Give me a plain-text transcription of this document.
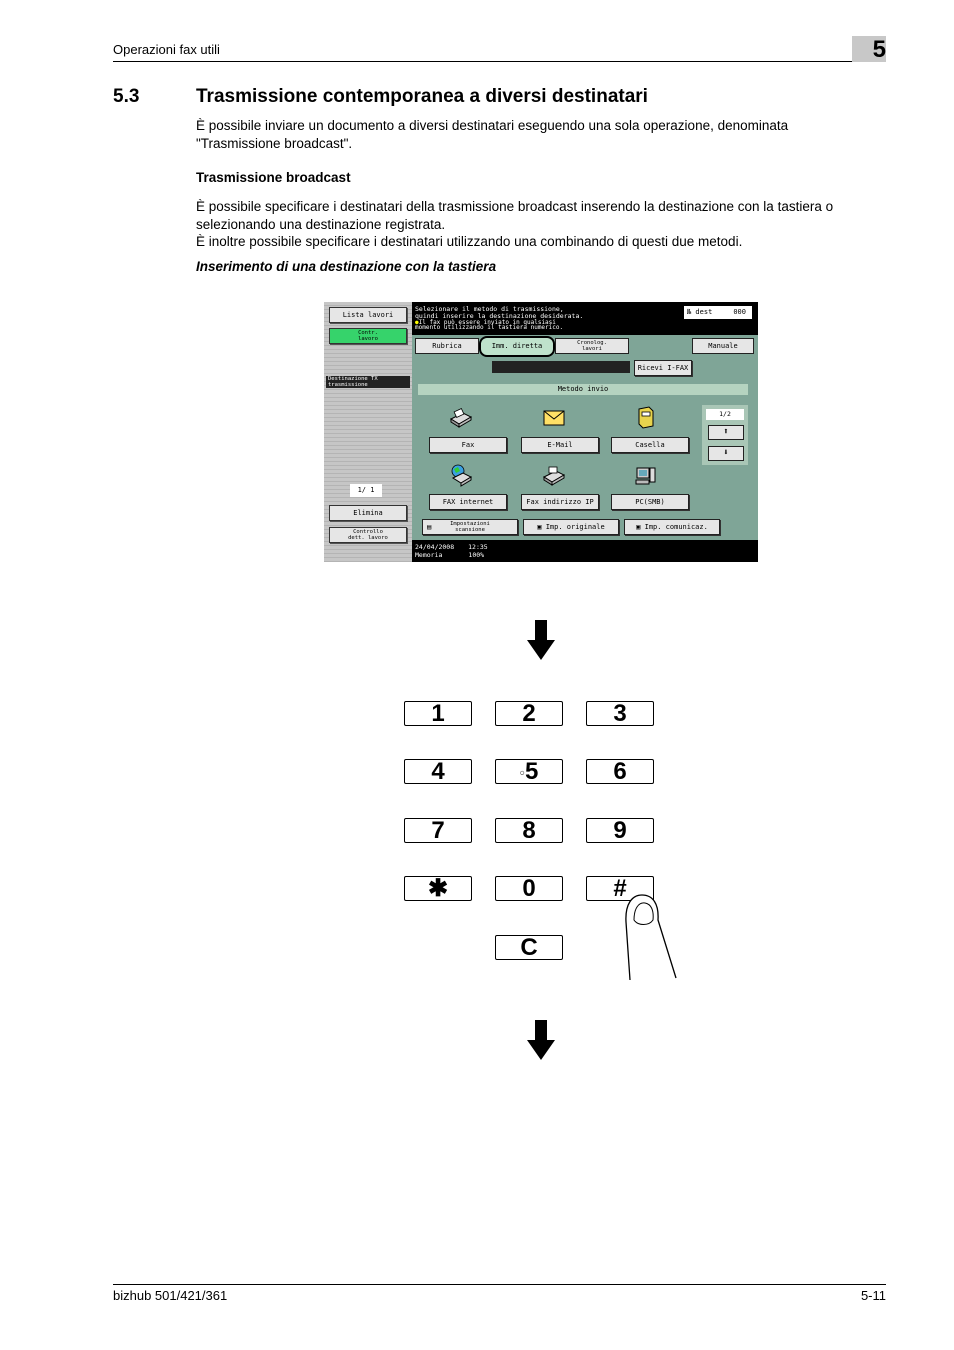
Operazioni fax utili	5
5.3	Trasmissione contemporanea a diversi destinatari
È possibile inviare un documento a diversi destinatari eseguendo una sola operazione, denominata
"Trasmissione broadcast".
Trasmissione broadcast
È possibile specificare i destinatari della trasmissione broadcast inserendo la destinazione con la tastiera o
selezionando una destinazione registrata.
È inoltre possibile specificare i destinatari utilizzando una combinando di questi due metodi.
Inserimento di una destinazione con la tastiera
Lista lavori
Contr.
lavoro
Destinazione TX
trasmissione
1/ 1
Elimina
Controllo
dett. lavoro
Selezionare il metodo di trasmissione,
quindi inserire la destinazione desiderata.
●Il fax può essere inviato in qualsiasi
momento utilizzando il tastiera numerico.
№ dest	000
Rubrica	Imm. diretta	Cronolog.
lavori	Manuale
Ricevi I-FAX
Metodo invio
Fax	E-Mail	Casella
FAX internet	Fax indirizzo IP	PC(SMB)
1/2
⬆
⬇
▤	Impostazioni
scansione	▣ Imp. originale	▣ Imp. comunicaz.
24/04/2008 12:35
Memoria	100%
1	2	3
4	○5	6
7	8	9
✱	0	#
C
bizhub 501/421/361	5-11
